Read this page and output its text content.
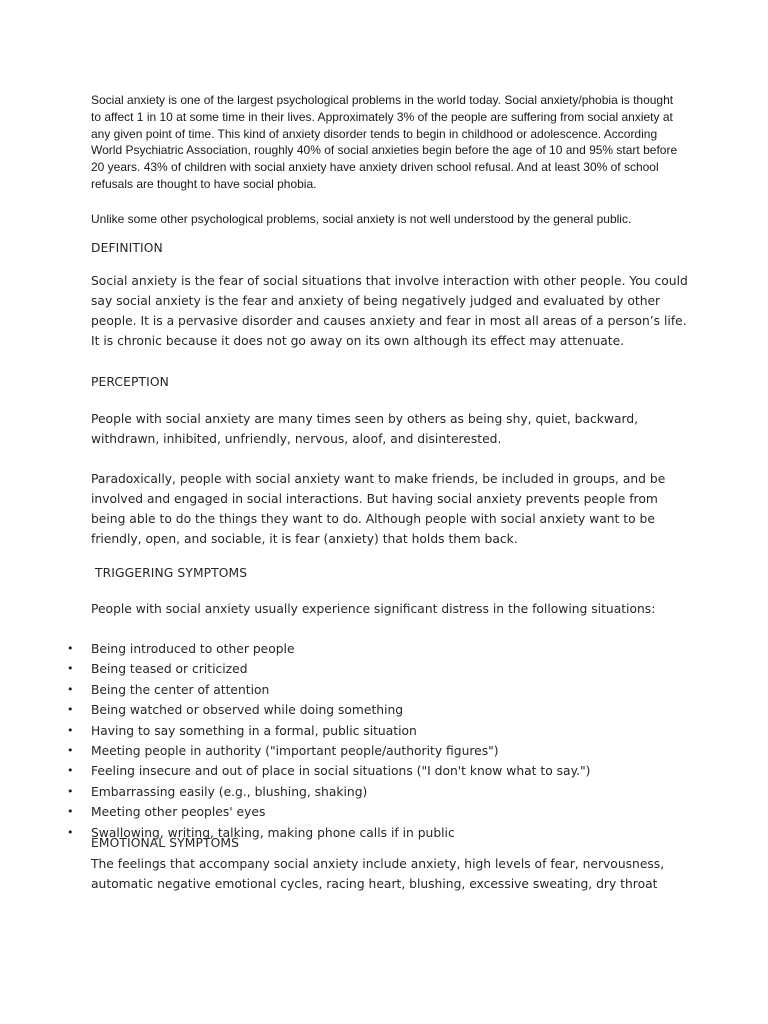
Social anxiety is one of the largest psychological problems in the world today. Social anxiety/phobia is thought to affect 1 in 10 at some time in their lives. Approximately 3% of the people are suffering from social anxiety at any given point of time. This kind of anxiety disorder tends to begin in childhood or adolescence. According World Psychiatric Association, roughly 40% of social anxieties begin before the age of 10 and 95% start before 20 years. 43% of children with social anxiety have anxiety driven school refusal. And at least 30% of school refusals are thought to have social phobia.

Unlike some other psychological problems, social anxiety is not well understood by the general public.

DEFINITION

Social anxiety is the fear of social situations that involve interaction with other people. You could say social anxiety is the fear and anxiety of being negatively judged and evaluated by other people. It is a pervasive disorder and causes anxiety and fear in most all areas of a person’s life. It is chronic because it does not go away on its own although its effect may attenuate.

PERCEPTION

People with social anxiety are many times seen by others as being shy, quiet, backward, withdrawn, inhibited, unfriendly, nervous, aloof, and disinterested.

Paradoxically, people with social anxiety want to make friends, be included in groups, and be involved and engaged in social interactions. But having social anxiety prevents people from being able to do the things they want to do. Although people with social anxiety want to be friendly, open, and sociable, it is fear (anxiety) that holds them back.

TRIGGERING SYMPTOMS

People with social anxiety usually experience significant distress in the following situations:

• Being introduced to other people
• Being teased or criticized
• Being the center of attention
• Being watched or observed while doing something
• Having to say something in a formal, public situation
• Meeting people in authority ("important people/authority figures")
• Feeling insecure and out of place in social situations ("I don't know what to say.")
• Embarrassing easily (e.g., blushing, shaking)
• Meeting other peoples' eyes
• Swallowing, writing, talking, making phone calls if in public

EMOTIONAL SYMPTOMS

The feelings that accompany social anxiety include anxiety, high levels of fear, nervousness, automatic negative emotional cycles, racing heart, blushing, excessive sweating, dry throat
